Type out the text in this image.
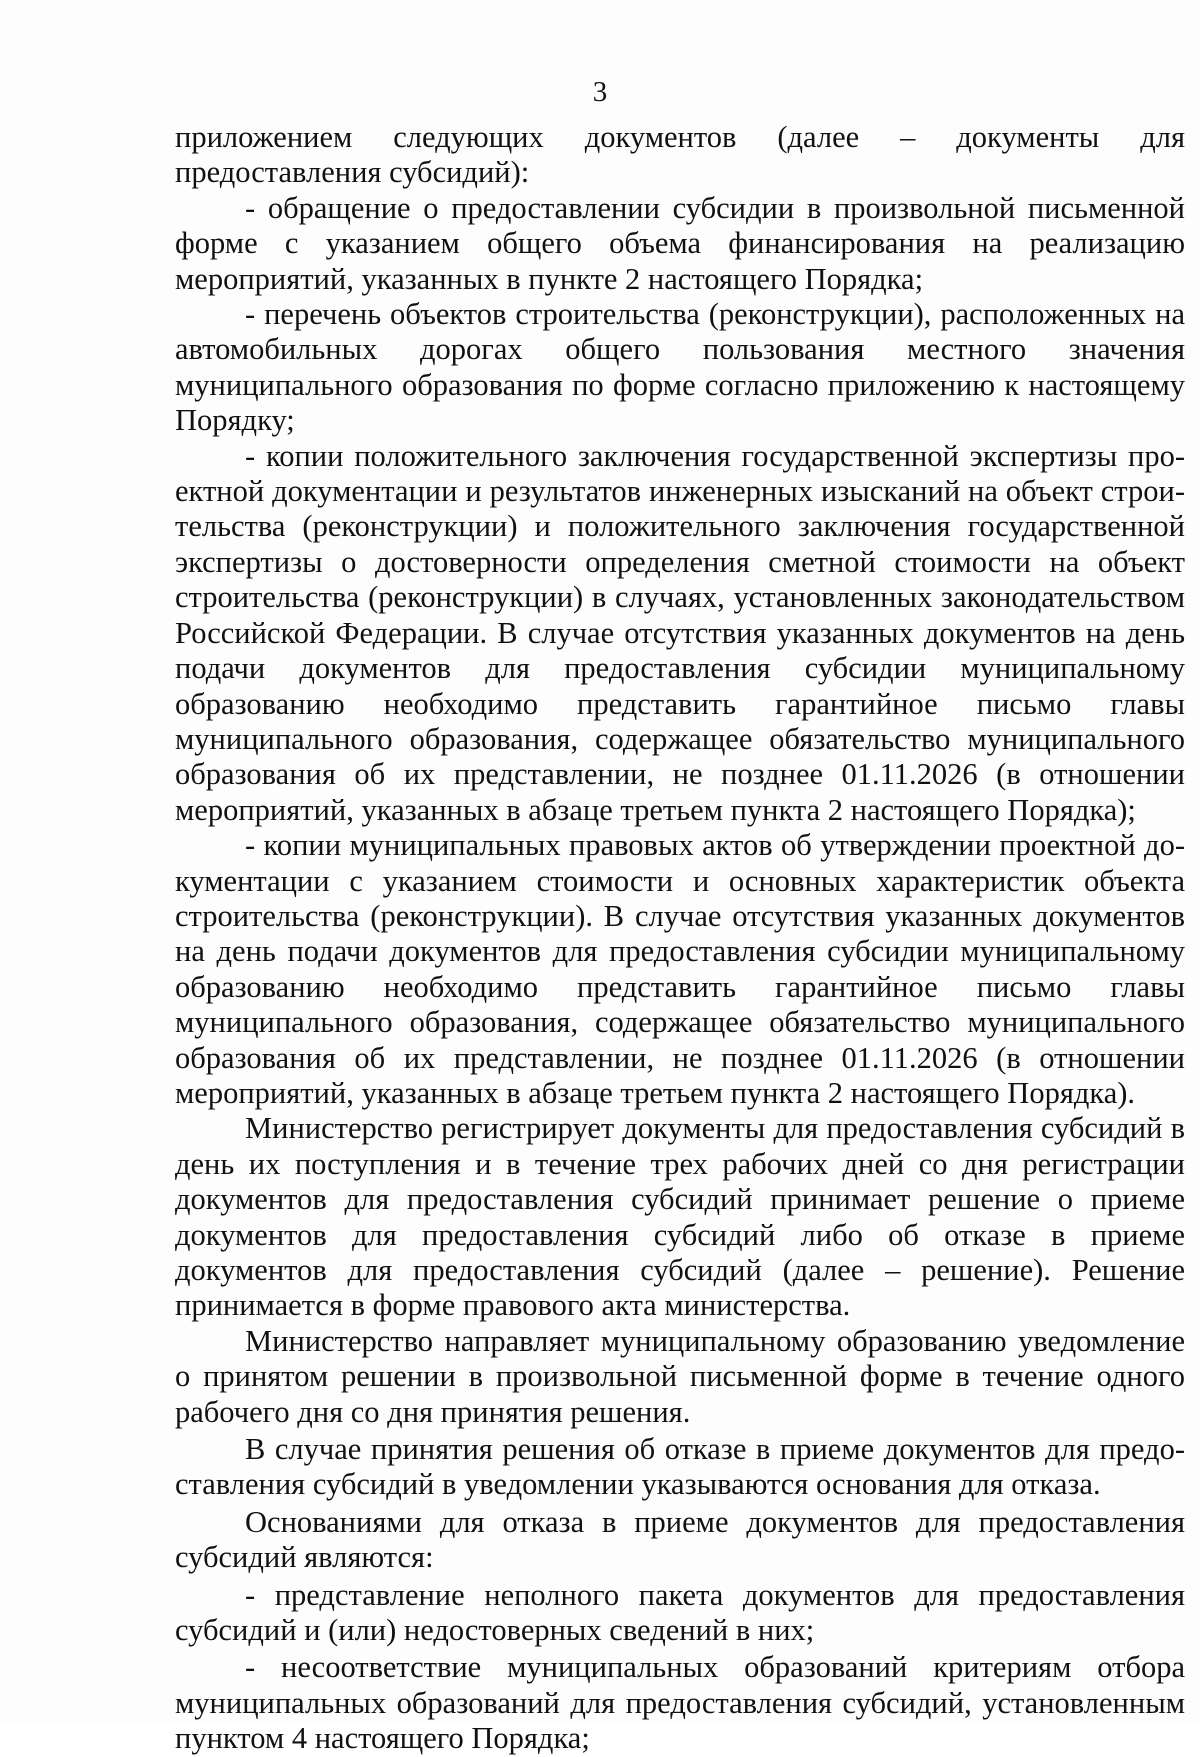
3

приложением следующих документов (далее – документы для предоставления субсидий):

- обращение о предоставлении субсидии в произвольной письменной форме с указанием общего объема финансирования на реализацию мероприятий, указанных в пункте 2 настоящего Порядка;

- перечень объектов строительства (реконструкции), расположенных на автомобильных дорогах общего пользования местного значения муниципального образования по форме согласно приложению к настоящему Порядку;

- копии положительного заключения государственной экспертизы проектной документации и результатов инженерных изысканий на объект строительства (реконструкции) и положительного заключения государственной экспертизы о достоверности определения сметной стоимости на объект строительства (реконструкции) в случаях, установленных законодательством Российской Федерации. В случае отсутствия указанных документов на день подачи документов для предоставления субсидии муниципальному образованию необходимо представить гарантийное письмо главы муниципального образования, содержащее обязательство муниципального образования об их представлении, не позднее 01.11.2026 (в отношении мероприятий, указанных в абзаце третьем пункта 2 настоящего Порядка);

- копии муниципальных правовых актов об утверждении проектной документации с указанием стоимости и основных характеристик объекта строительства (реконструкции). В случае отсутствия указанных документов на день подачи документов для предоставления субсидии муниципальному образованию необходимо представить гарантийное письмо главы муниципального образования, содержащее обязательство муниципального образования об их представлении, не позднее 01.11.2026 (в отношении мероприятий, указанных в абзаце третьем пункта 2 настоящего Порядка).

Министерство регистрирует документы для предоставления субсидий в день их поступления и в течение трех рабочих дней со дня регистрации документов для предоставления субсидий принимает решение о приеме документов для предоставления субсидий либо об отказе в приеме документов для предоставления субсидий (далее – решение). Решение принимается в форме правового акта министерства.

Министерство направляет муниципальному образованию уведомление о принятом решении в произвольной письменной форме в течение одного рабочего дня со дня принятия решения.

В случае принятия решения об отказе в приеме документов для предоставления субсидий в уведомлении указываются основания для отказа.

Основаниями для отказа в приеме документов для предоставления субсидий являются:

- представление неполного пакета документов для предоставления субсидий и (или) недостоверных сведений в них;

- несоответствие муниципальных образований критериям отбора муниципальных образований для предоставления субсидий, установленным пунктом 4 настоящего Порядка;
